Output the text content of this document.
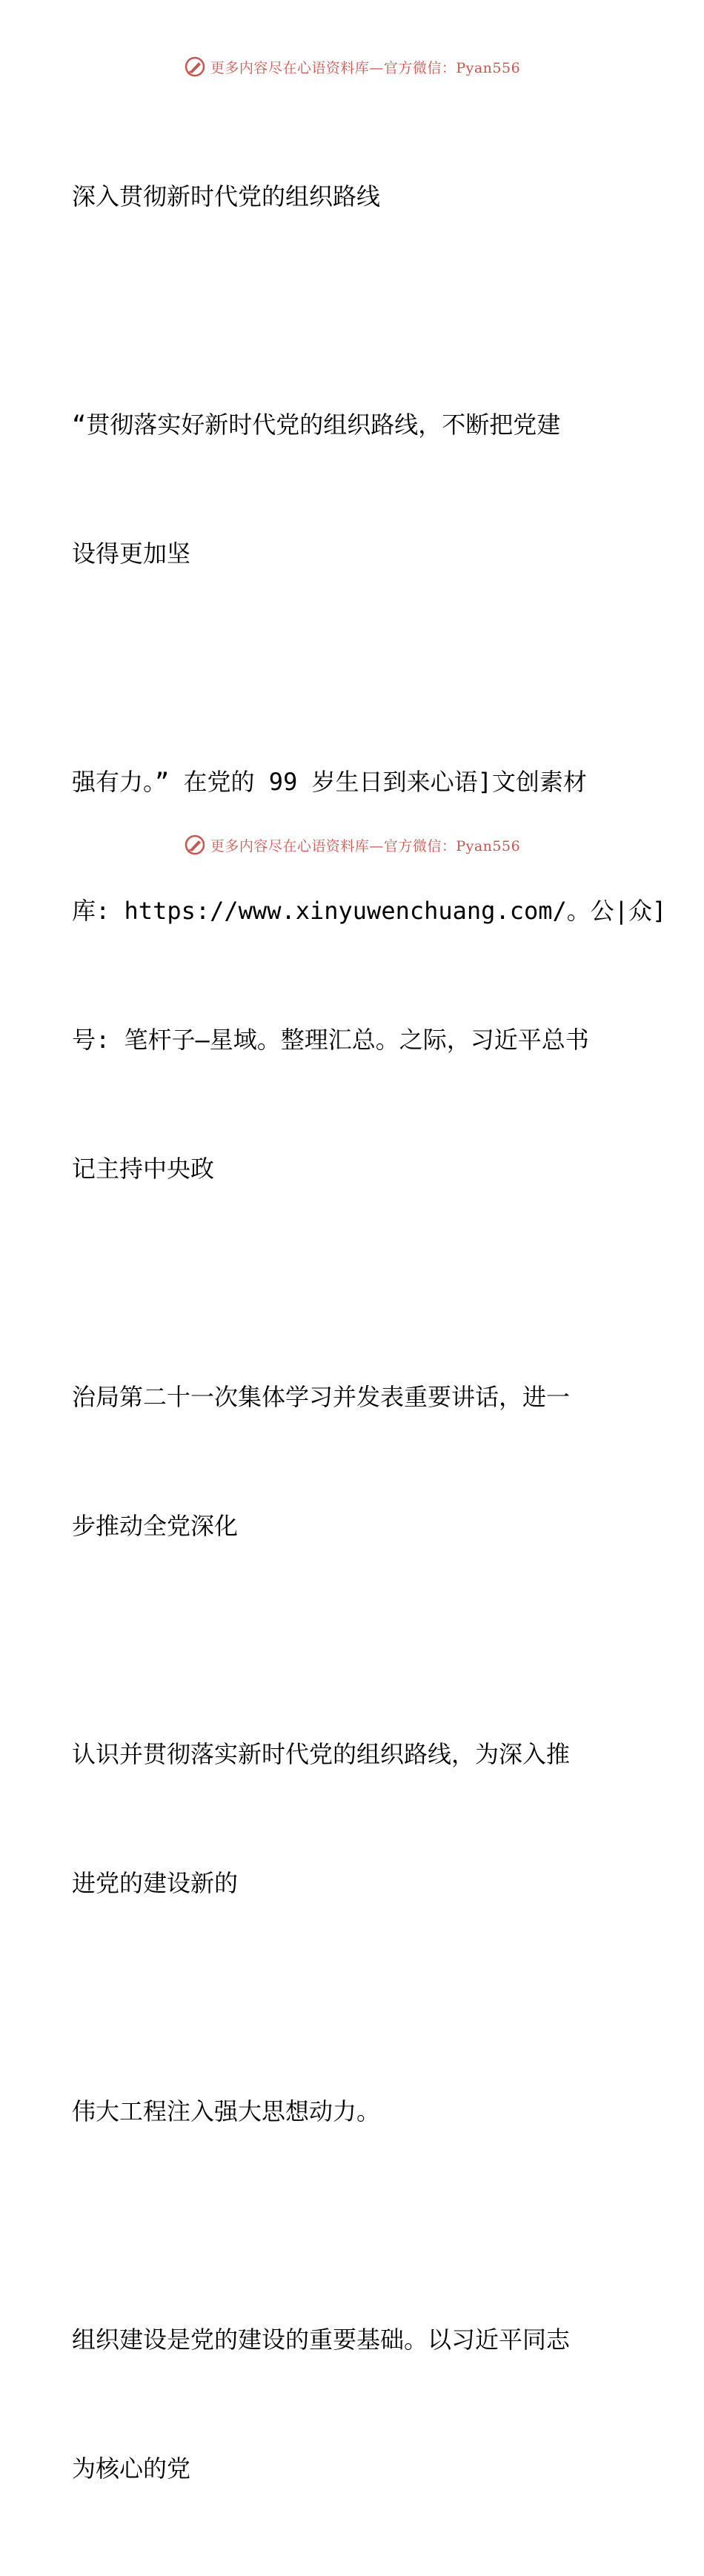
更多内容尽在心语资料库—官方微信：Pyan556

深入贯彻新时代党的组织路线

“贯彻落实好新时代党的组织路线，不断把党建

设得更加坚

强有力。” 在党的 99 岁生日到来心语]文创素材

库: https://www.xinyuwenchuang.com/。公|众]

号: 笔杆子—星域。整理汇总。之际，习近平总书

记主持中央政

治局第二十一次集体学习并发表重要讲话，进一

步推动全党深化

认识并贯彻落实新时代党的组织路线，为深入推

进党的建设新的

伟大工程注入强大思想动力。

组织建设是党的建设的重要基础。以习近平同志

为核心的党

更多内容尽在心语资料库—官方微信：Pyan556
